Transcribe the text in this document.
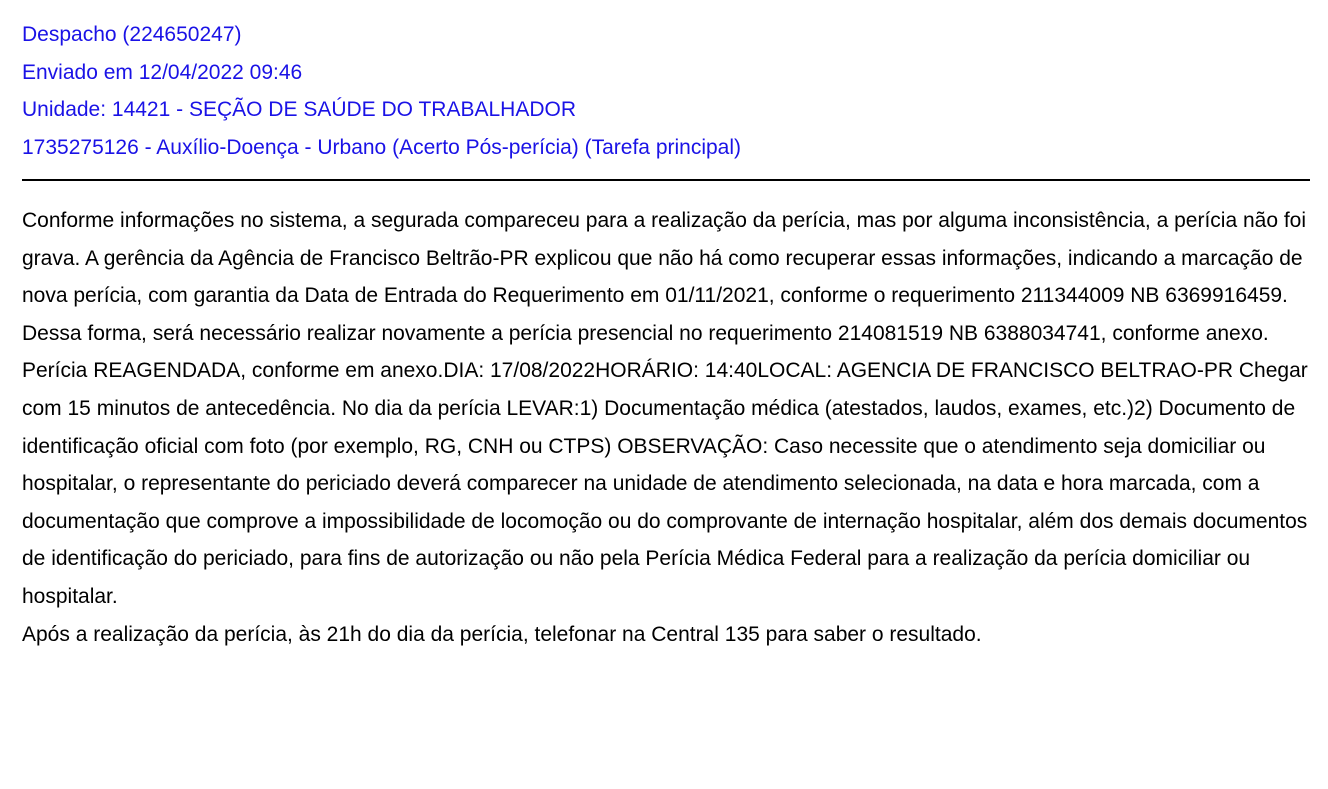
Despacho (224650247)

Enviado em 12/04/2022 09:46

Unidade: 14421 - SEÇÃO DE SAÚDE DO TRABALHADOR

1735275126 - Auxílio-Doença - Urbano (Acerto Pós-perícia) (Tarefa principal)

Conforme informações no sistema, a segurada compareceu para a realização da perícia, mas por alguma inconsistência, a perícia não foi grava. A gerência da Agência de Francisco Beltrão-PR explicou que não há como recuperar essas informações, indicando a marcação de nova perícia, com garantia da Data de Entrada do Requerimento em 01/11/2021, conforme o requerimento 211344009 NB 6369916459.

Dessa forma, será necessário realizar novamente a perícia presencial no requerimento 214081519 NB 6388034741, conforme anexo.

Perícia REAGENDADA, conforme em anexo.DIA: 17/08/2022HORÁRIO: 14:40LOCAL: AGENCIA DE FRANCISCO BELTRAO-PR Chegar com 15 minutos de antecedência. No dia da perícia LEVAR:1) Documentação médica (atestados, laudos, exames, etc.)2) Documento de identificação oficial com foto (por exemplo, RG, CNH ou CTPS) OBSERVAÇÃO: Caso necessite que o atendimento seja domiciliar ou hospitalar, o representante do periciado deverá comparecer na unidade de atendimento selecionada, na data e hora marcada, com a documentação que comprove a impossibilidade de locomoção ou do comprovante de internação hospitalar, além dos demais documentos de identificação do periciado, para fins de autorização ou não pela Perícia Médica Federal para a realização da perícia domiciliar ou hospitalar.

Após a realização da perícia, às 21h do dia da perícia, telefonar na Central 135 para saber o resultado.
